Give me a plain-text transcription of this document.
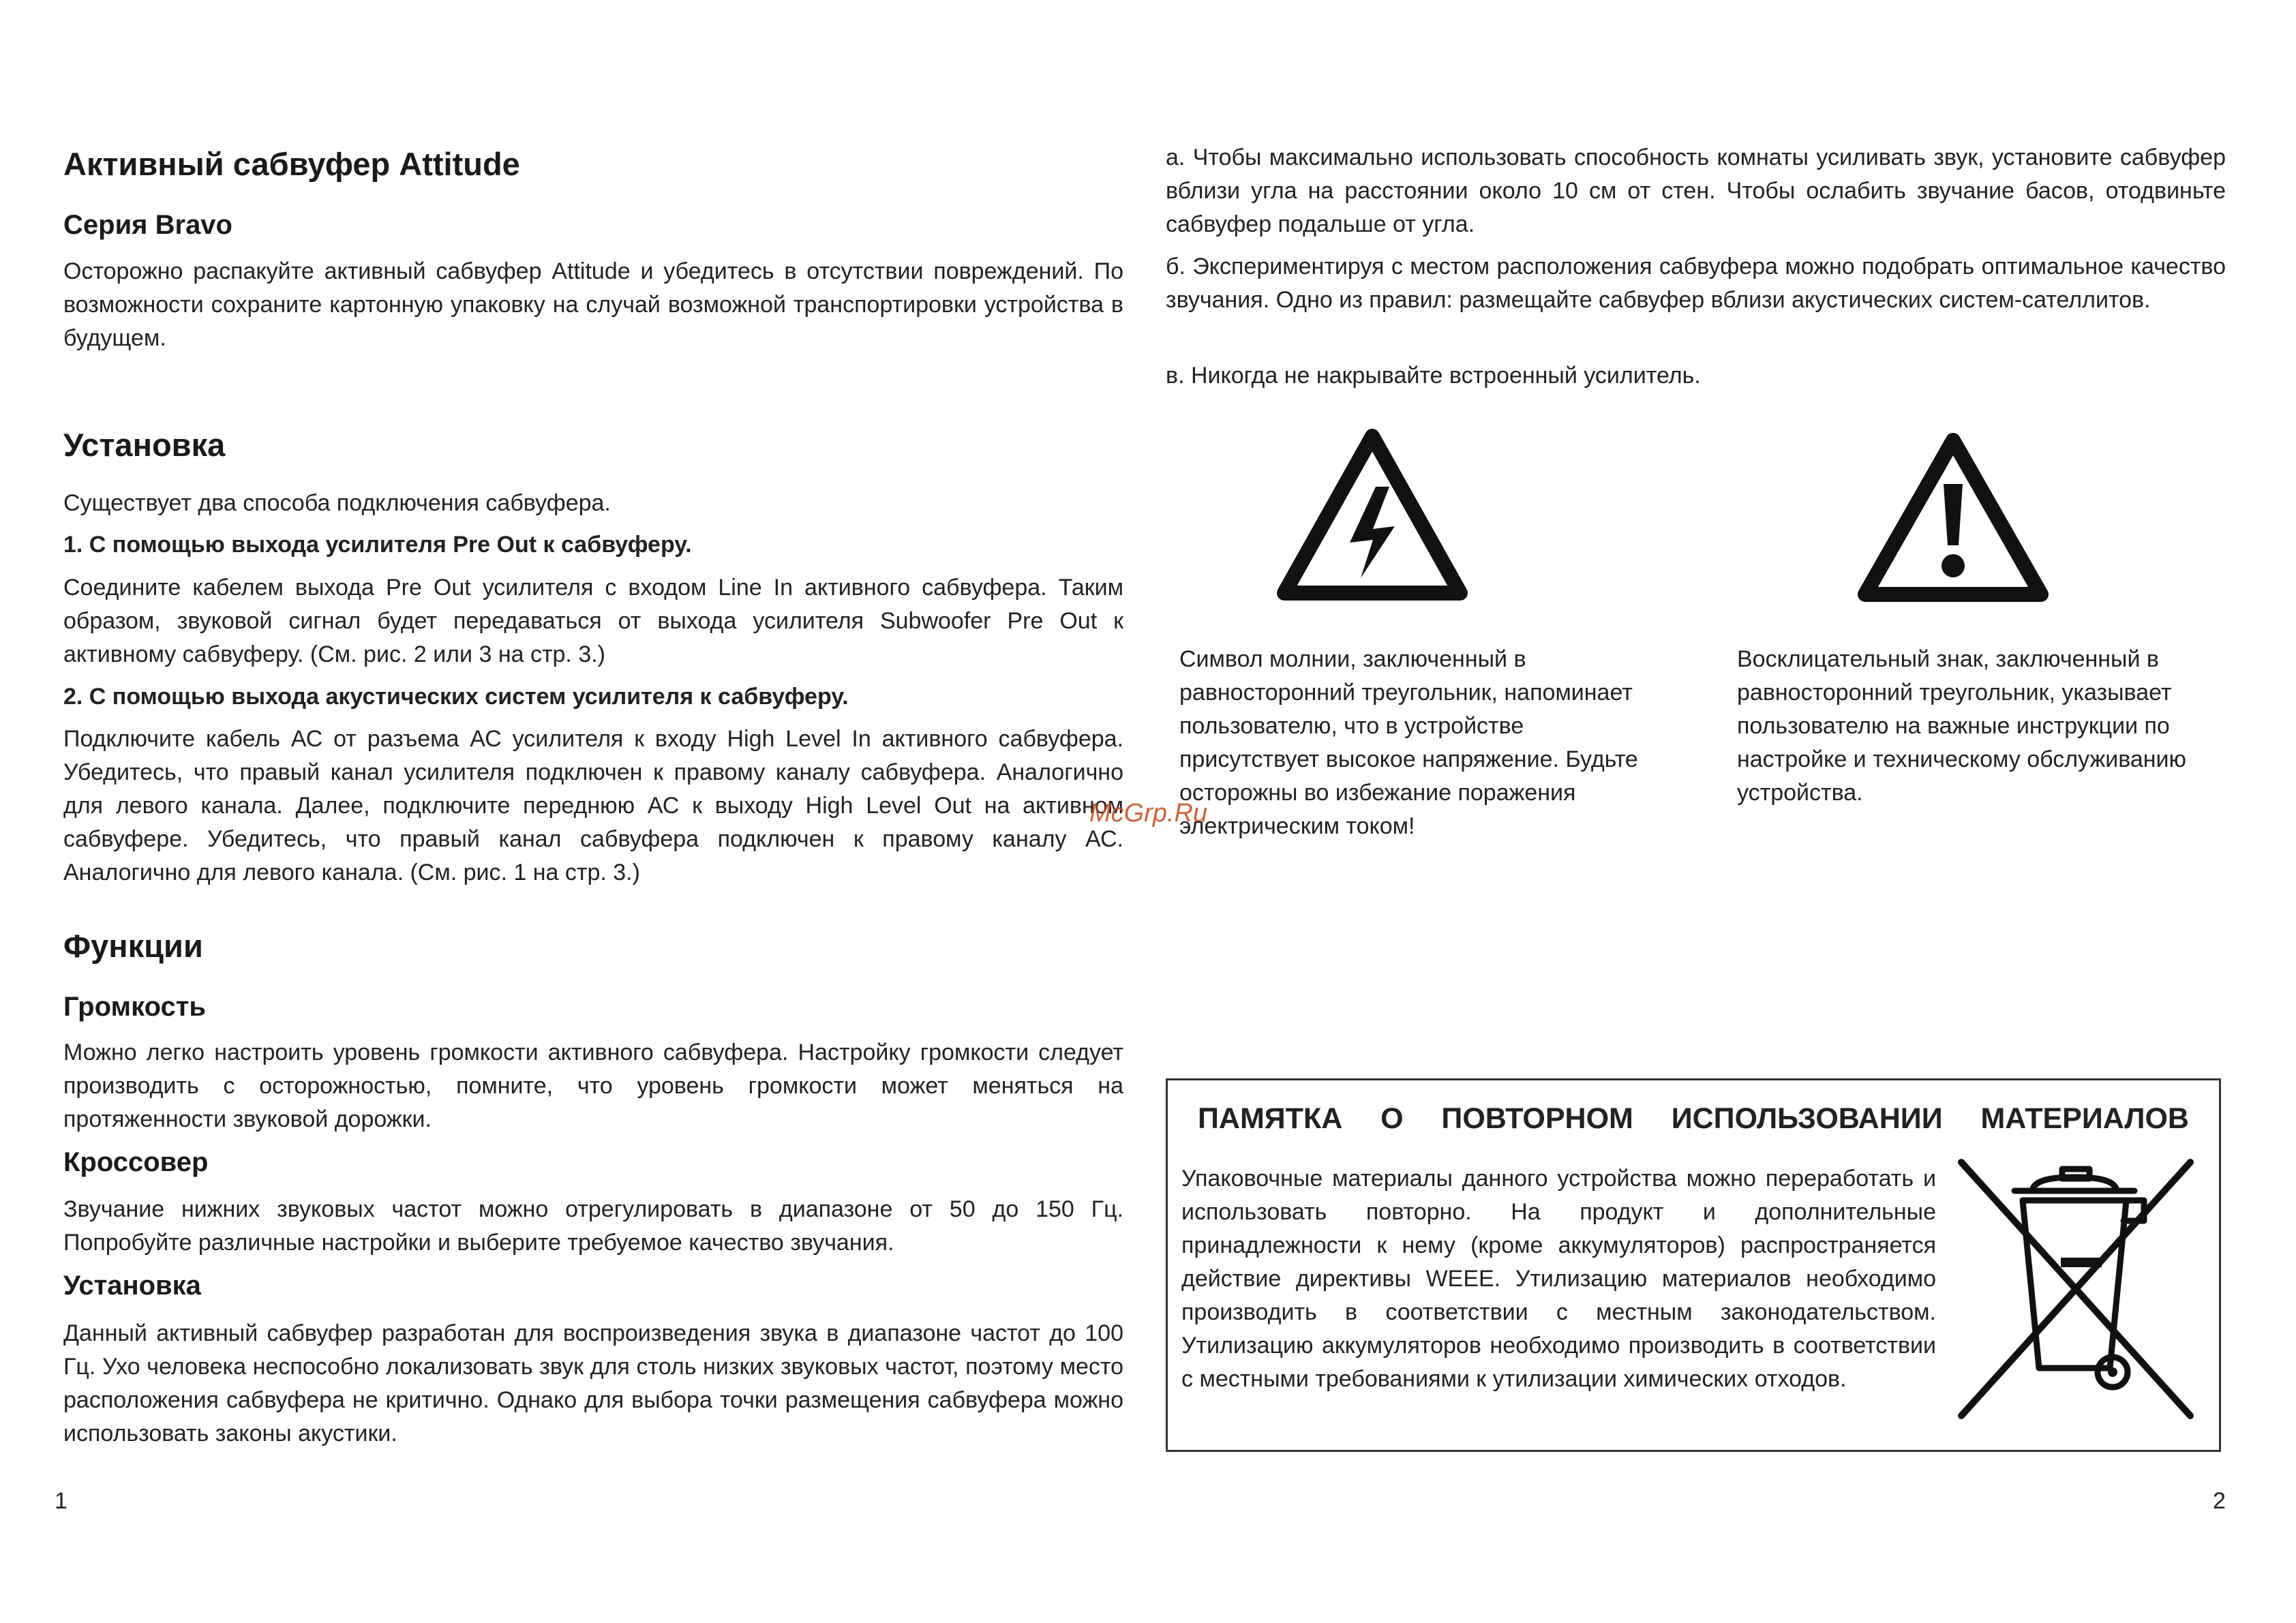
Активный сабвуфер Attitude
Серия Bravo

Осторожно распакуйте активный сабвуфер Attitude и убедитесь в отсутствии повреждений. По возможности сохраните картонную упаковку на случай возможной транспортировки устройства в будущем.

Установка

Существует два способа подключения сабвуфера.

1. С помощью выхода усилителя Pre Out к сабвуферу.

Соедините кабелем выхода Pre Out усилителя с входом Line In активного сабвуфера. Таким образом, звуковой сигнал будет передаваться от выхода усилителя Subwoofer Pre Out к активному сабвуферу. (См. рис. 2 или 3 на стр. 3.)

2. С помощью выхода акустических систем усилителя к сабвуферу.

Подключите кабель АС от разъема АС усилителя к входу High Level In активного сабвуфера. Убедитесь, что правый канал усилителя подключен к правому каналу сабвуфера. Аналогично для левого канала. Далее, подключите переднюю АС к выходу High Level Out на активном сабвуфере. Убедитесь, что правый канал сабвуфера подключен к правому каналу АС. Аналогично для левого канала. (См. рис. 1 на стр. 3.)

Функции
Громкость

Можно легко настроить уровень громкости активного сабвуфера. Настройку громкости следует производить с осторожностью, помните, что уровень громкости может меняться на протяженности звуковой дорожки.

Кроссовер

Звучание нижних звуковых частот можно отрегулировать в диапазоне от 50 до 150 Гц. Попробуйте различные настройки и выберите требуемое качество звучания.

Установка

Данный активный сабвуфер разработан для воспроизведения звука в диапазоне частот до 100 Гц. Ухо человека неспособно локализовать звук для столь низких звуковых частот, поэтому место расположения сабвуфера не критично. Однако для выбора точки размещения сабвуфера можно использовать законы акустики.

1

а. Чтобы максимально использовать способность комнаты усиливать звук, установите сабвуфер вблизи угла на расстоянии около 10 см от стен. Чтобы ослабить звучание басов, отодвиньте сабвуфер подальше от угла.

б. Экспериментируя с местом расположения сабвуфера можно подобрать оптимальное качество звучания. Одно из правил: размещайте сабвуфер вблизи акустических систем-сателлитов.

в. Никогда не накрывайте встроенный усилитель.

Символ молнии, заключенный в равносторонний треугольник, напоминает пользователю, что в устройстве присутствует высокое напряжение. Будьте осторожны во избежание поражения электрическим током!
Восклицательный знак, заключенный в равносторонний треугольник, указывает пользователю на важные инструкции по настройке и техническому обслуживанию устройства.
ПАМЯТКА О ПОВТОРНОМ ИСПОЛЬЗОВАНИИ МАТЕРИАЛОВ
Упаковочные материалы данного устройства можно переработать и использовать повторно. На продукт и дополнительные принадлежности к нему (кроме аккумуляторов) распространяется действие директивы WEEE. Утилизацию материалов необходимо производить в соответствии с местным законодательством. Утилизацию аккумуляторов необходимо производить в соответствии с местными требованиями к утилизации химических отходов.
2
McGrp.Ru
